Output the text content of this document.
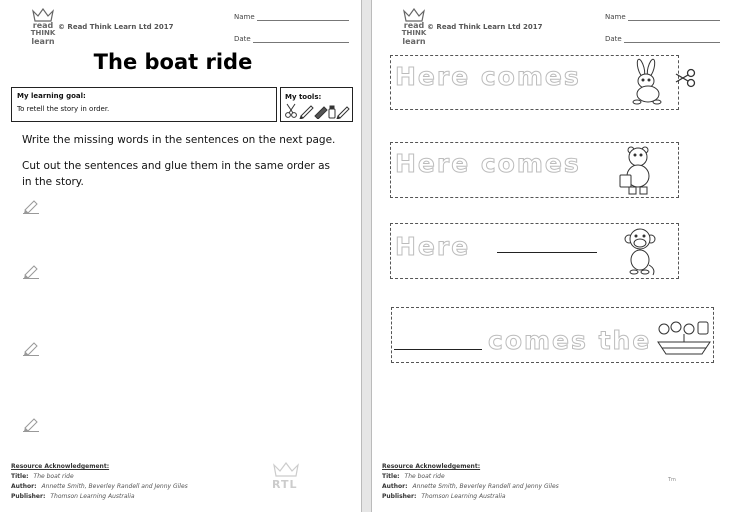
read
THINK
learn
© Read Think Learn Ltd 2017
Name
Date
The boat ride
My learning goal:
To retell the story in order.
My tools:
Write the missing words in the sentences on the next page.
Cut out the sentences and glue them in the same order as in the story.
Resource Acknowledgement:
Title: The boat ride
Author: Annette Smith, Beverley Randell and Jenny Giles
Publisher: Thomson Learning Australia
RTL
read
THINK
learn
© Read Think Learn Ltd 2017
Name
Date
Here comes
Here comes
Here
comes the
Resource Acknowledgement:
Title: The boat ride
Author: Annette Smith, Beverley Randell and Jenny Giles
Publisher: Thomson Learning Australia
Tm
